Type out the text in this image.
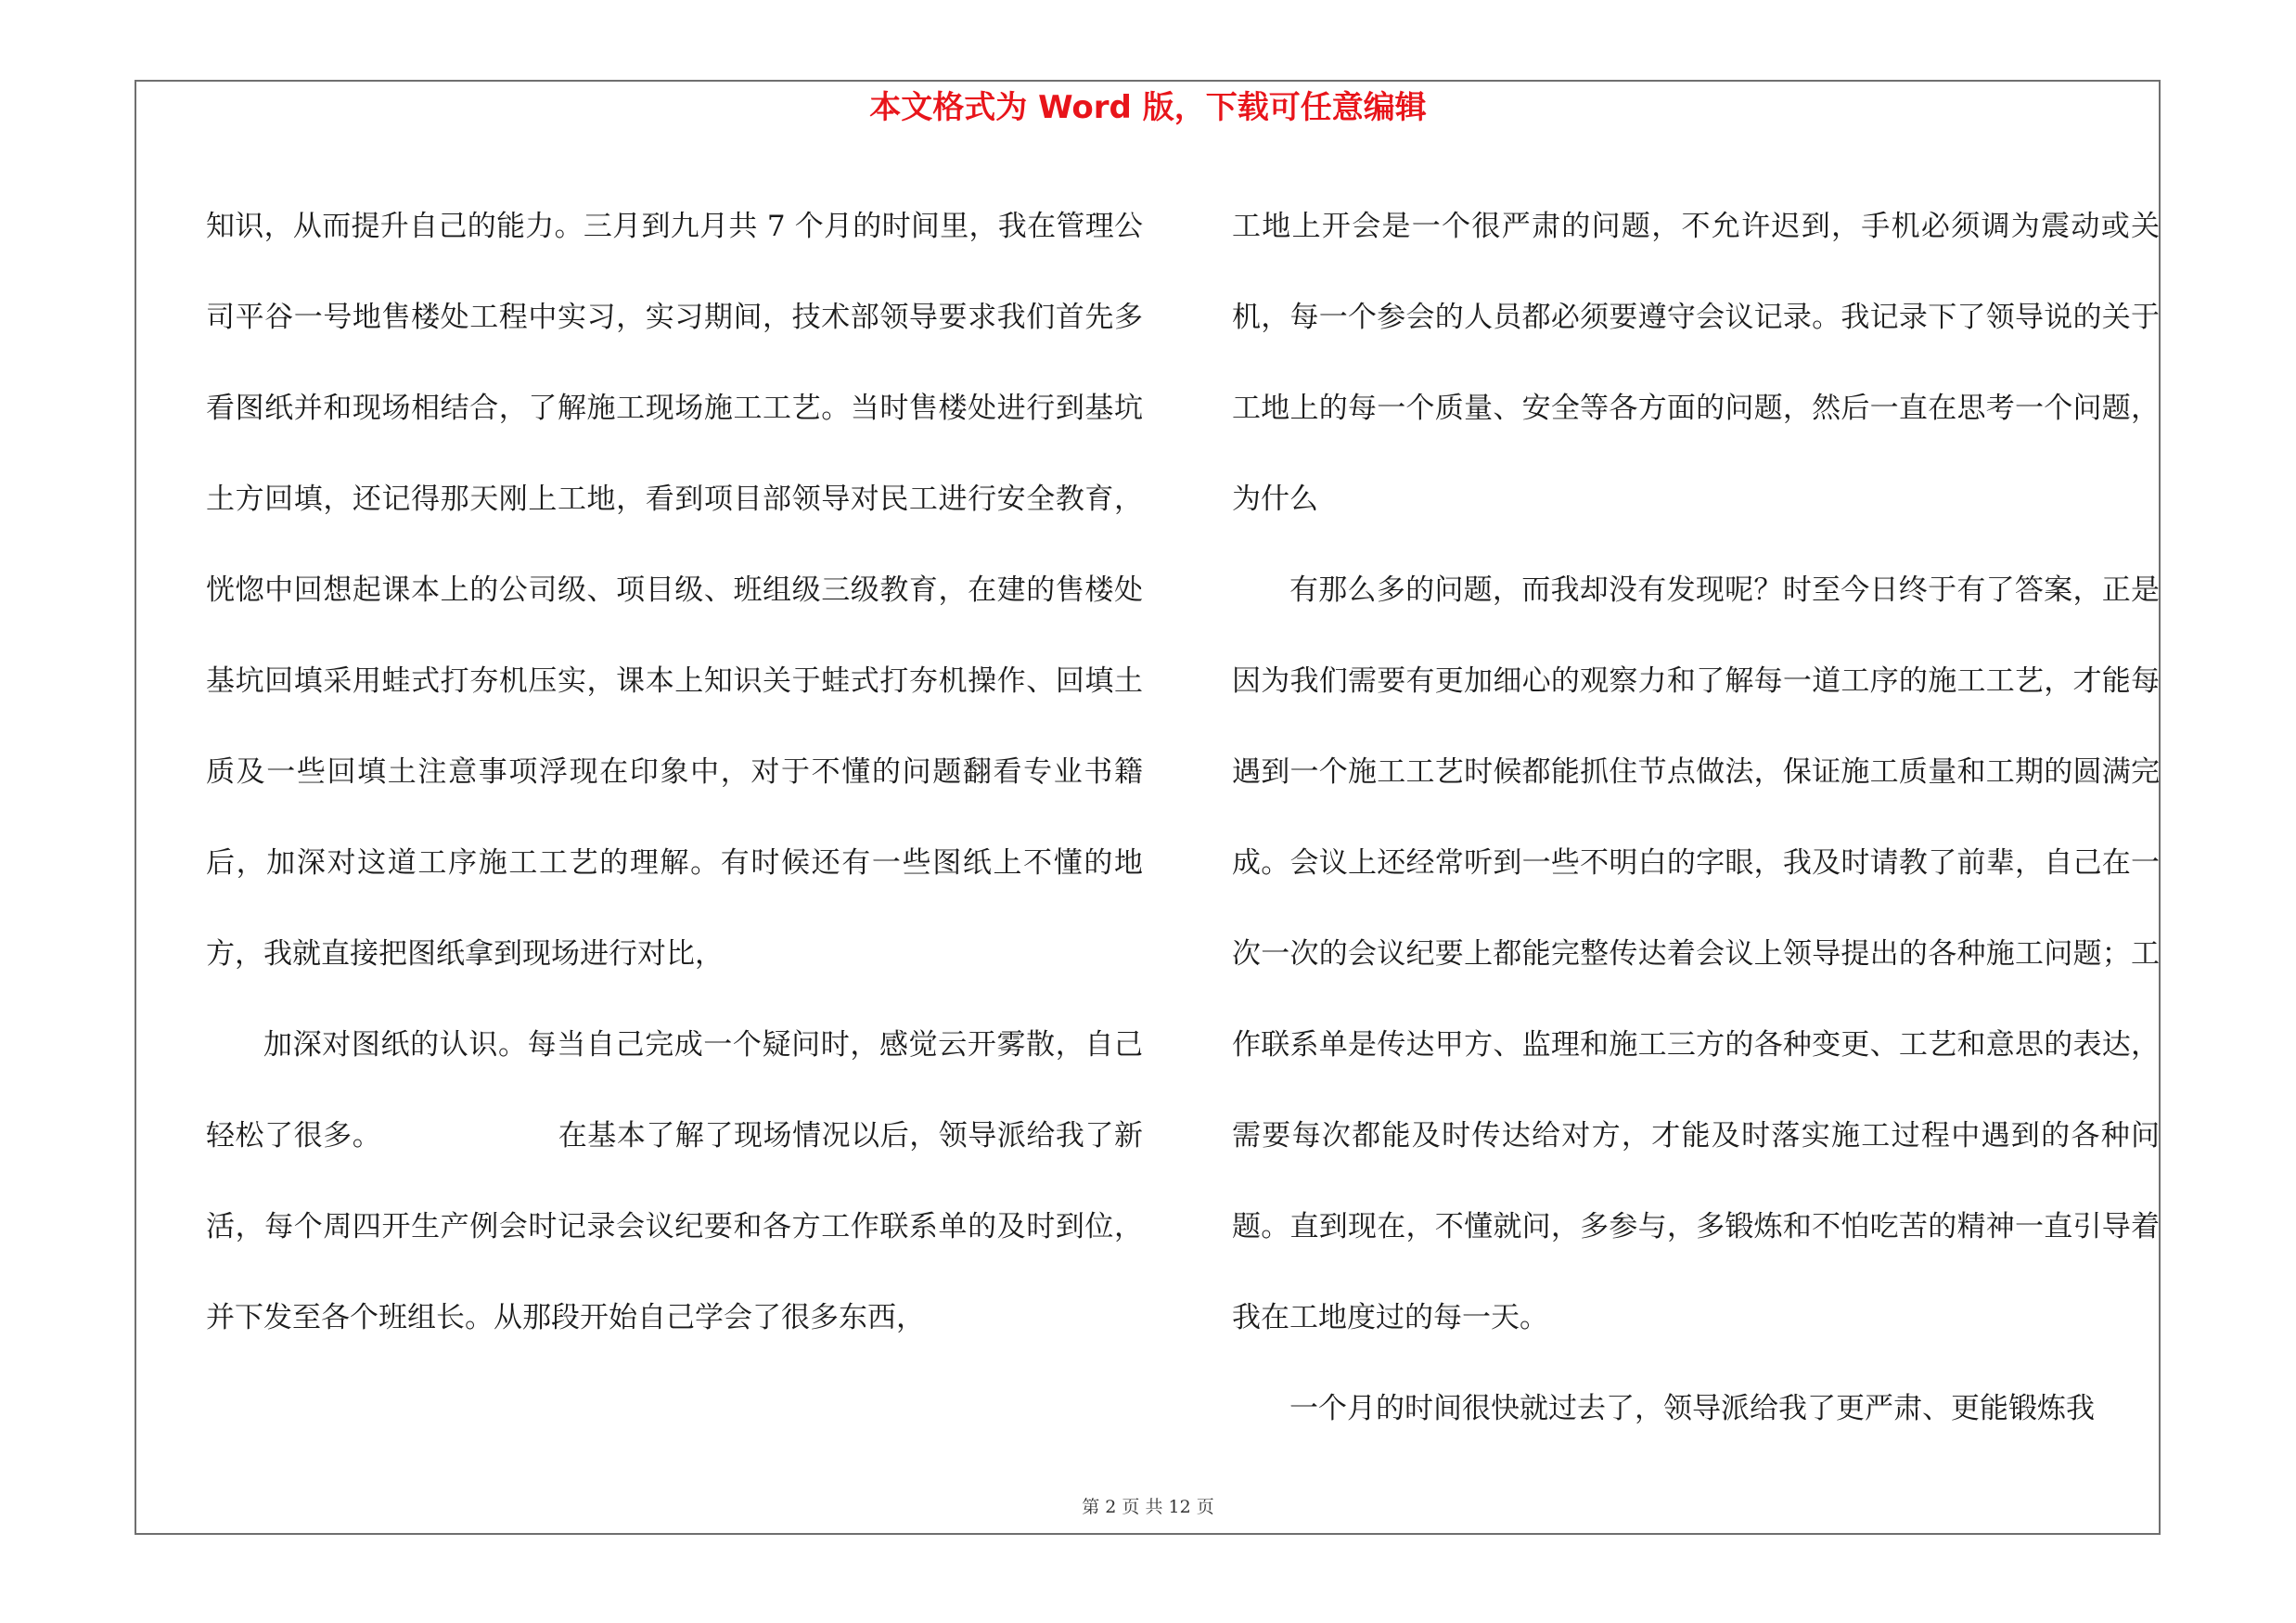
本文格式为 Word 版，下载可任意编辑

知识，从而提升自己的能力。三月到九月共 7 个月的时间里，我在管理公司平谷一号地售楼处工程中实习，实习期间，技术部领导要求我们首先多看图纸并和现场相结合，了解施工现场施工工艺。当时售楼处进行到基坑土方回填，还记得那天刚上工地，看到项目部领导对民工进行安全教育，恍惚中回想起课本上的公司级、项目级、班组级三级教育，在建的售楼处基坑回填采用蛙式打夯机压实，课本上知识关于蛙式打夯机操作、回填土质及一些回填土注意事项浮现在印象中，对于不懂的问题翻看专业书籍后，加深对这道工序施工工艺的理解。有时候还有一些图纸上不懂的地方，我就直接把图纸拿到现场进行对比，

加深对图纸的认识。每当自己完成一个疑问时，感觉云开雾散，自己轻松了很多。	在基本了解了现场情况以后，领导派给我了新活，每个周四开生产例会时记录会议纪要和各方工作联系单的及时到位，并下发至各个班组长。从那段开始自己学会了很多东西，

工地上开会是一个很严肃的问题，不允许迟到，手机必须调为震动或关机，每一个参会的人员都必须要遵守会议记录。我记录下了领导说的关于工地上的每一个质量、安全等各方面的问题，然后一直在思考一个问题，为什么

有那么多的问题，而我却没有发现呢？时至今日终于有了答案，正是因为我们需要有更加细心的观察力和了解每一道工序的施工工艺，才能每遇到一个施工工艺时候都能抓住节点做法，保证施工质量和工期的圆满完成。会议上还经常听到一些不明白的字眼，我及时请教了前辈，自己在一次一次的会议纪要上都能完整传达着会议上领导提出的各种施工问题；工作联系单是传达甲方、监理和施工三方的各种变更、工艺和意思的表达，需要每次都能及时传达给对方，才能及时落实施工过程中遇到的各种问题。直到现在，不懂就问，多参与，多锻炼和不怕吃苦的精神一直引导着我在工地度过的每一天。

一个月的时间很快就过去了，领导派给我了更严肃、更能锻炼我

第 2 页 共 12 页
